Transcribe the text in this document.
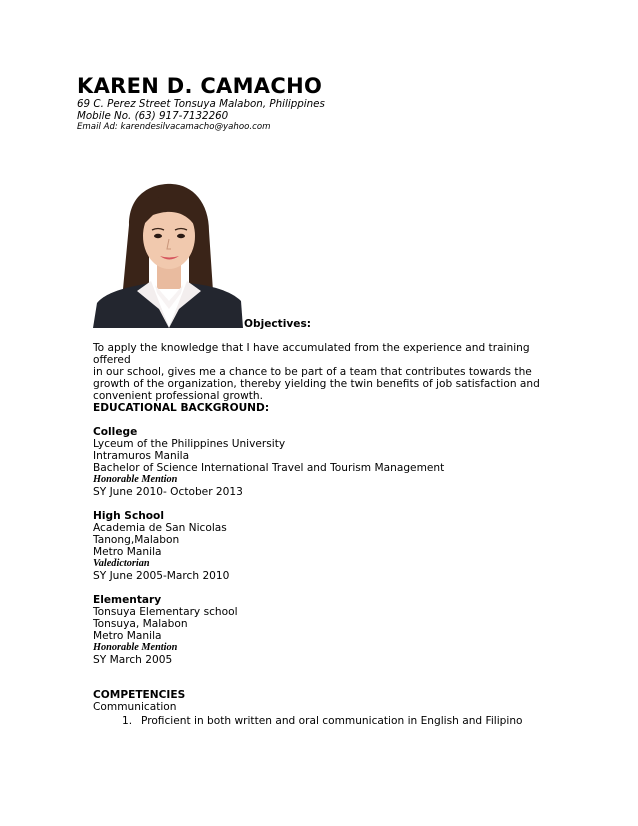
KAREN D. CAMACHO
69 C. Perez Street Tonsuya Malabon, Philippines
Mobile No. (63) 917-7132260
Email Ad: karendesilvacamacho@yahoo.com
Objectives:
To apply the knowledge that I have accumulated from the experience and training offered
in our school, gives me a chance to be part of a team that contributes towards the
growth of the organization, thereby yielding the twin benefits of job satisfaction and
convenient professional growth.
EDUCATIONAL BACKGROUND:
College
Lyceum of the Philippines University
Intramuros Manila
Bachelor of Science International Travel and Tourism Management
Honorable Mention
SY June 2010- October 2013
High School
Academia de San Nicolas
Tanong,Malabon
Metro Manila
Valedictorian
SY June 2005-March 2010
Elementary
Tonsuya Elementary school
Tonsuya, Malabon
Metro Manila
Honorable Mention
SY March 2005
COMPETENCIES
Communication
1. Proficient in both written and oral communication in English and Filipino
